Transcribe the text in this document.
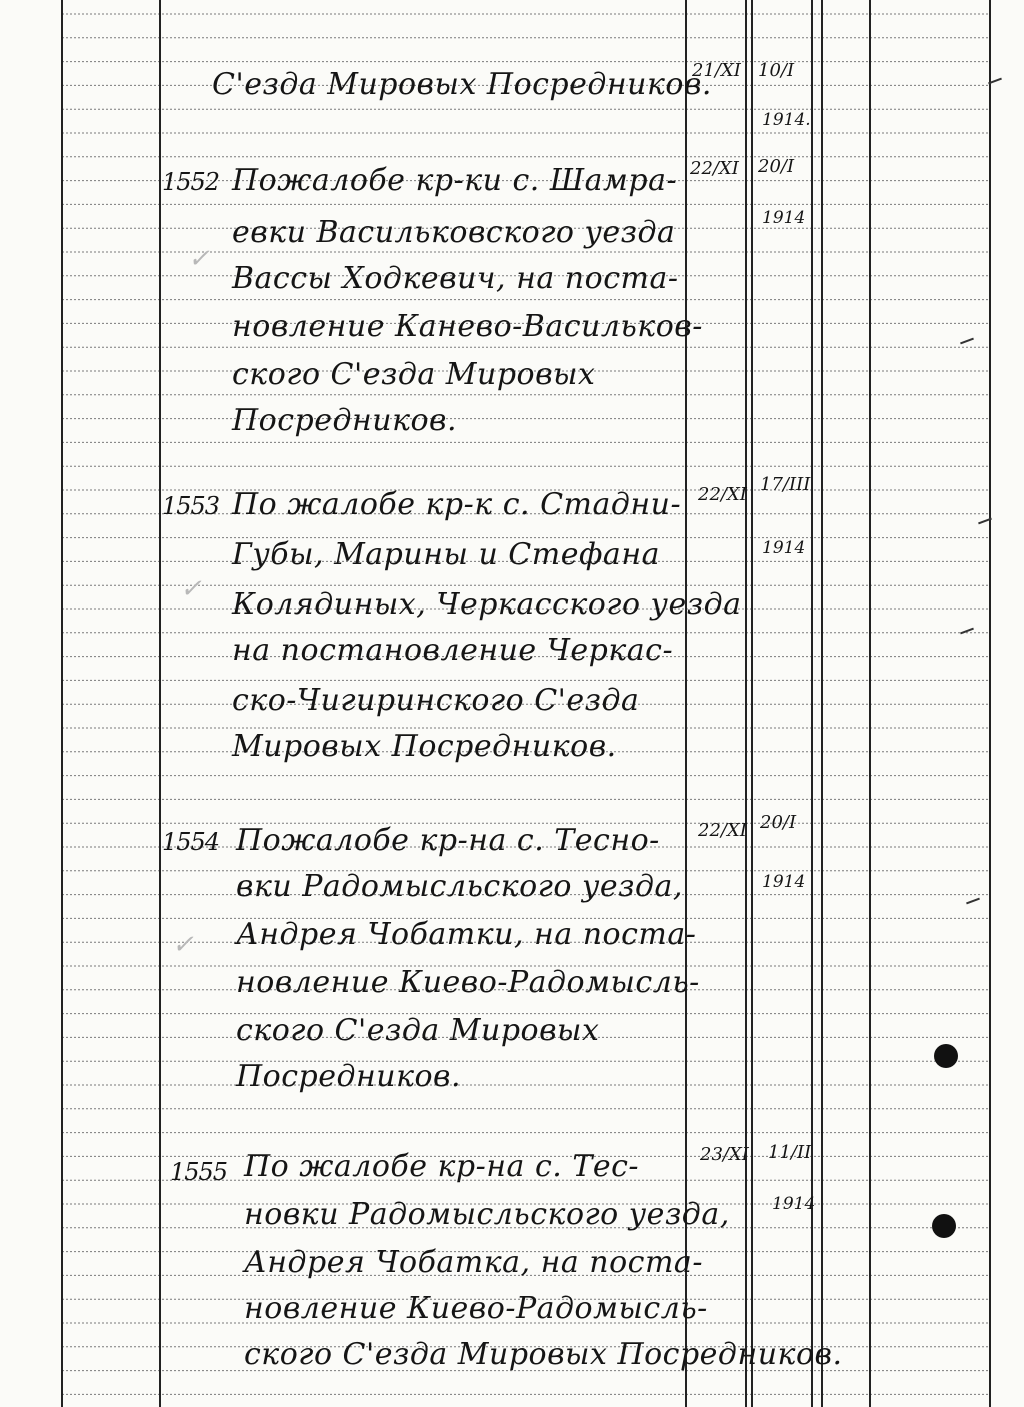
С'езда Мировых Посредников.
21/XI 10/I
1914.
1552 Пожалобе кр-ки с. Шамра-
евки Васильковского уезда
Вассы Ходкевич, на поста-
новление Канево-Васильков-
ского С'езда Мировых
Посредников.
22/XI 20/I
1914
1553 По жалобе кр-к с. Стадни-
Губы, Марины и Стефана
Колядиных, Черкасского уезда
на постановление Черкас-
ско-Чигиринского С'езда
Мировых Посредников.
22/XI 17/III
1914
1554 Пожалобе кр-на с. Тесно-
вки Радомысльского уезда,
Андрея Чобатки, на поста-
новление Киево-Радомысль-
ского С'езда Мировых
Посредников.
22/XI 20/I
1914
1555 По жалобе кр-на с. Тес-
новки Радомысльского уезда,
Андрея Чобатка, на поста-
новление Киево-Радомысль-
ского С'езда Мировых Посредников.
23/XI 11/II
1914
✓
✓
✓
